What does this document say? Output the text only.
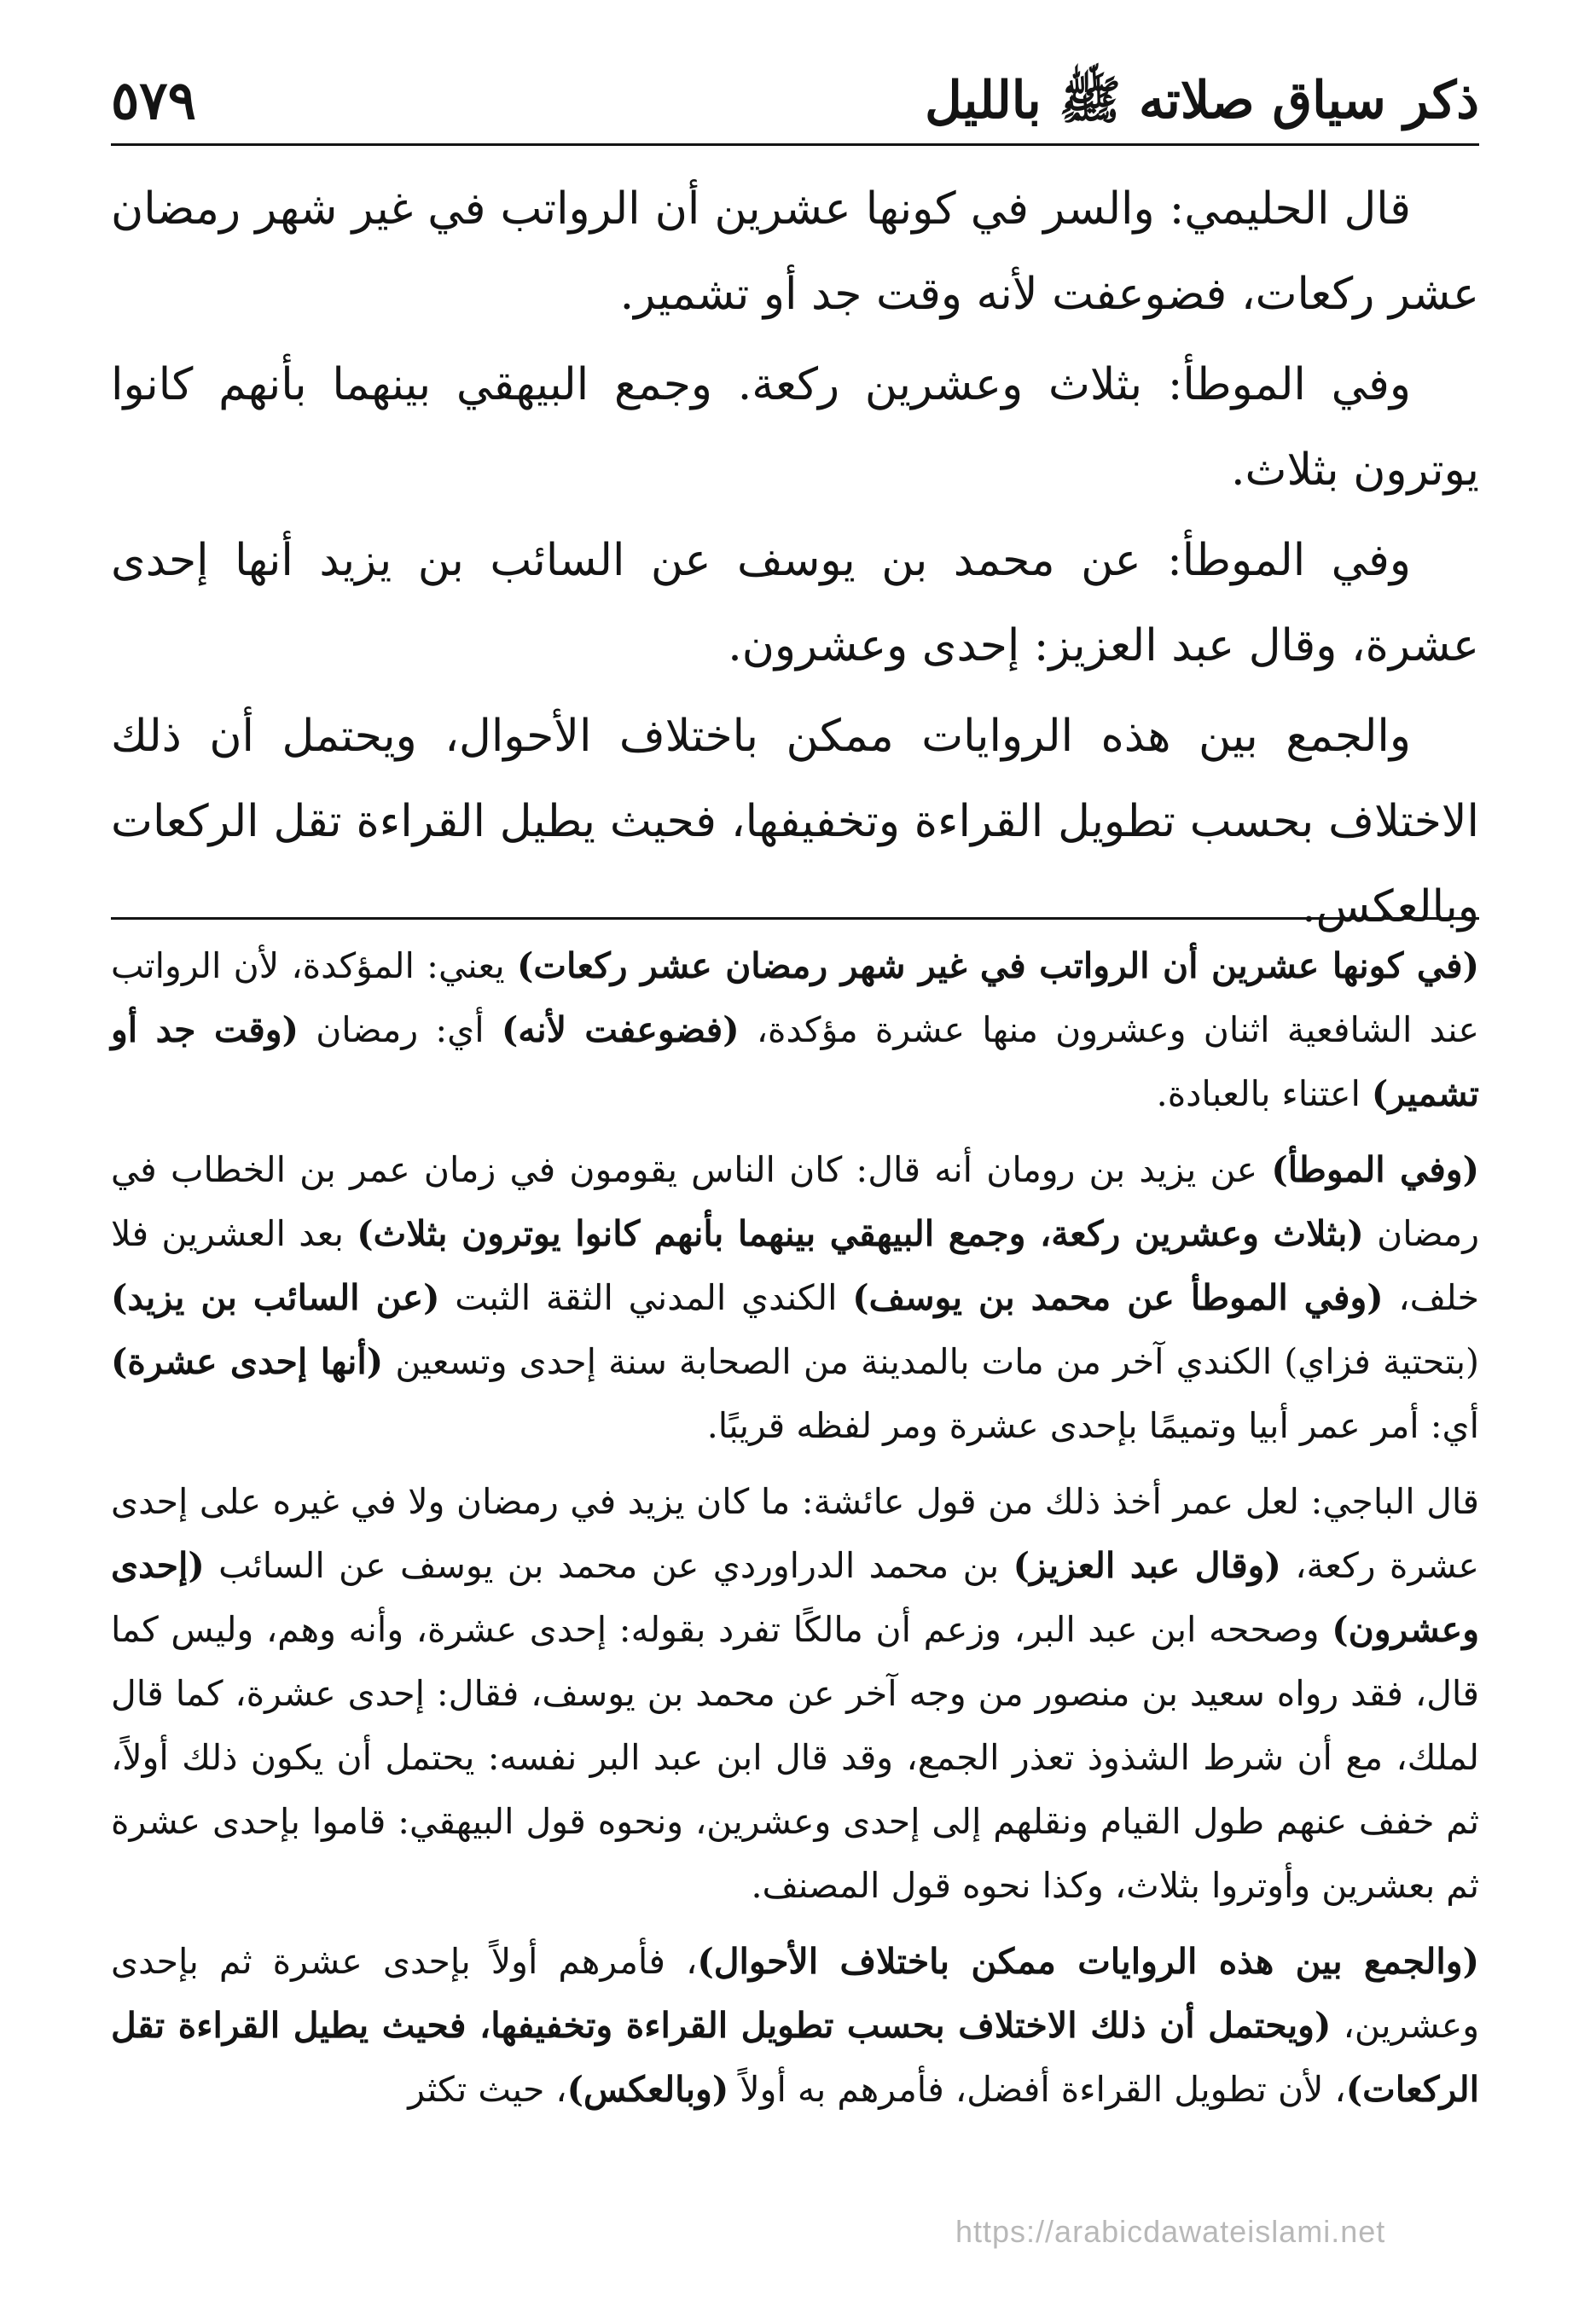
ذكر سياق صلاته ﷺ بالليل
٥٧٩

قال الحليمي: والسر في كونها عشرين أن الرواتب في غير شهر رمضان عشر ركعات، فضوعفت لأنه وقت جد أو تشمير.

وفي الموطأ: بثلاث وعشرين ركعة. وجمع البيهقي بينهما بأنهم كانوا يوترون بثلاث.

وفي الموطأ: عن محمد بن يوسف عن السائب بن يزيد أنها إحدى عشرة، وقال عبد العزيز: إحدى وعشرون.

والجمع بين هذه الروايات ممكن باختلاف الأحوال، ويحتمل أن ذلك الاختلاف بحسب تطويل القراءة وتخفيفها، فحيث يطيل القراءة تقل الركعات وبالعكس.

(في كونها عشرين أن الرواتب في غير شهر رمضان عشر ركعات) يعني: المؤكدة، لأن الرواتب عند الشافعية اثنان وعشرون منها عشرة مؤكدة، (فضوعفت لأنه) أي: رمضان (وقت جد أو تشمير) اعتناء بالعبادة.

(وفي الموطأ) عن يزيد بن رومان أنه قال: كان الناس يقومون في زمان عمر بن الخطاب في رمضان (بثلاث وعشرين ركعة، وجمع البيهقي بينهما بأنهم كانوا يوترون بثلاث) بعد العشرين فلا خلف، (وفي الموطأ عن محمد بن يوسف) الكندي المدني الثقة الثبت (عن السائب بن يزيد) (بتحتية فزاي) الكندي آخر من مات بالمدينة من الصحابة سنة إحدى وتسعين (أنها إحدى عشرة) أي: أمر عمر أبيا وتميمًا بإحدى عشرة ومر لفظه قريبًا.

قال الباجي: لعل عمر أخذ ذلك من قول عائشة: ما كان يزيد في رمضان ولا في غيره على إحدى عشرة ركعة، (وقال عبد العزيز) بن محمد الدراوردي عن محمد بن يوسف عن السائب (إحدى وعشرون) وصححه ابن عبد البر، وزعم أن مالكًا تفرد بقوله: إحدى عشرة، وأنه وهم، وليس كما قال، فقد رواه سعيد بن منصور من وجه آخر عن محمد بن يوسف، فقال: إحدى عشرة، كما قال لملك، مع أن شرط الشذوذ تعذر الجمع، وقد قال ابن عبد البر نفسه: يحتمل أن يكون ذلك أولاً، ثم خفف عنهم طول القيام ونقلهم إلى إحدى وعشرين، ونحوه قول البيهقي: قاموا بإحدى عشرة ثم بعشرين وأوتروا بثلاث، وكذا نحوه قول المصنف.

(والجمع بين هذه الروايات ممكن باختلاف الأحوال)، فأمرهم أولاً بإحدى عشرة ثم بإحدى وعشرين، (ويحتمل أن ذلك الاختلاف بحسب تطويل القراءة وتخفيفها، فحيث يطيل القراءة تقل الركعات)، لأن تطويل القراءة أفضل، فأمرهم به أولاً (وبالعكس)، حيث تكثر

https://arabicdawateislami.net
